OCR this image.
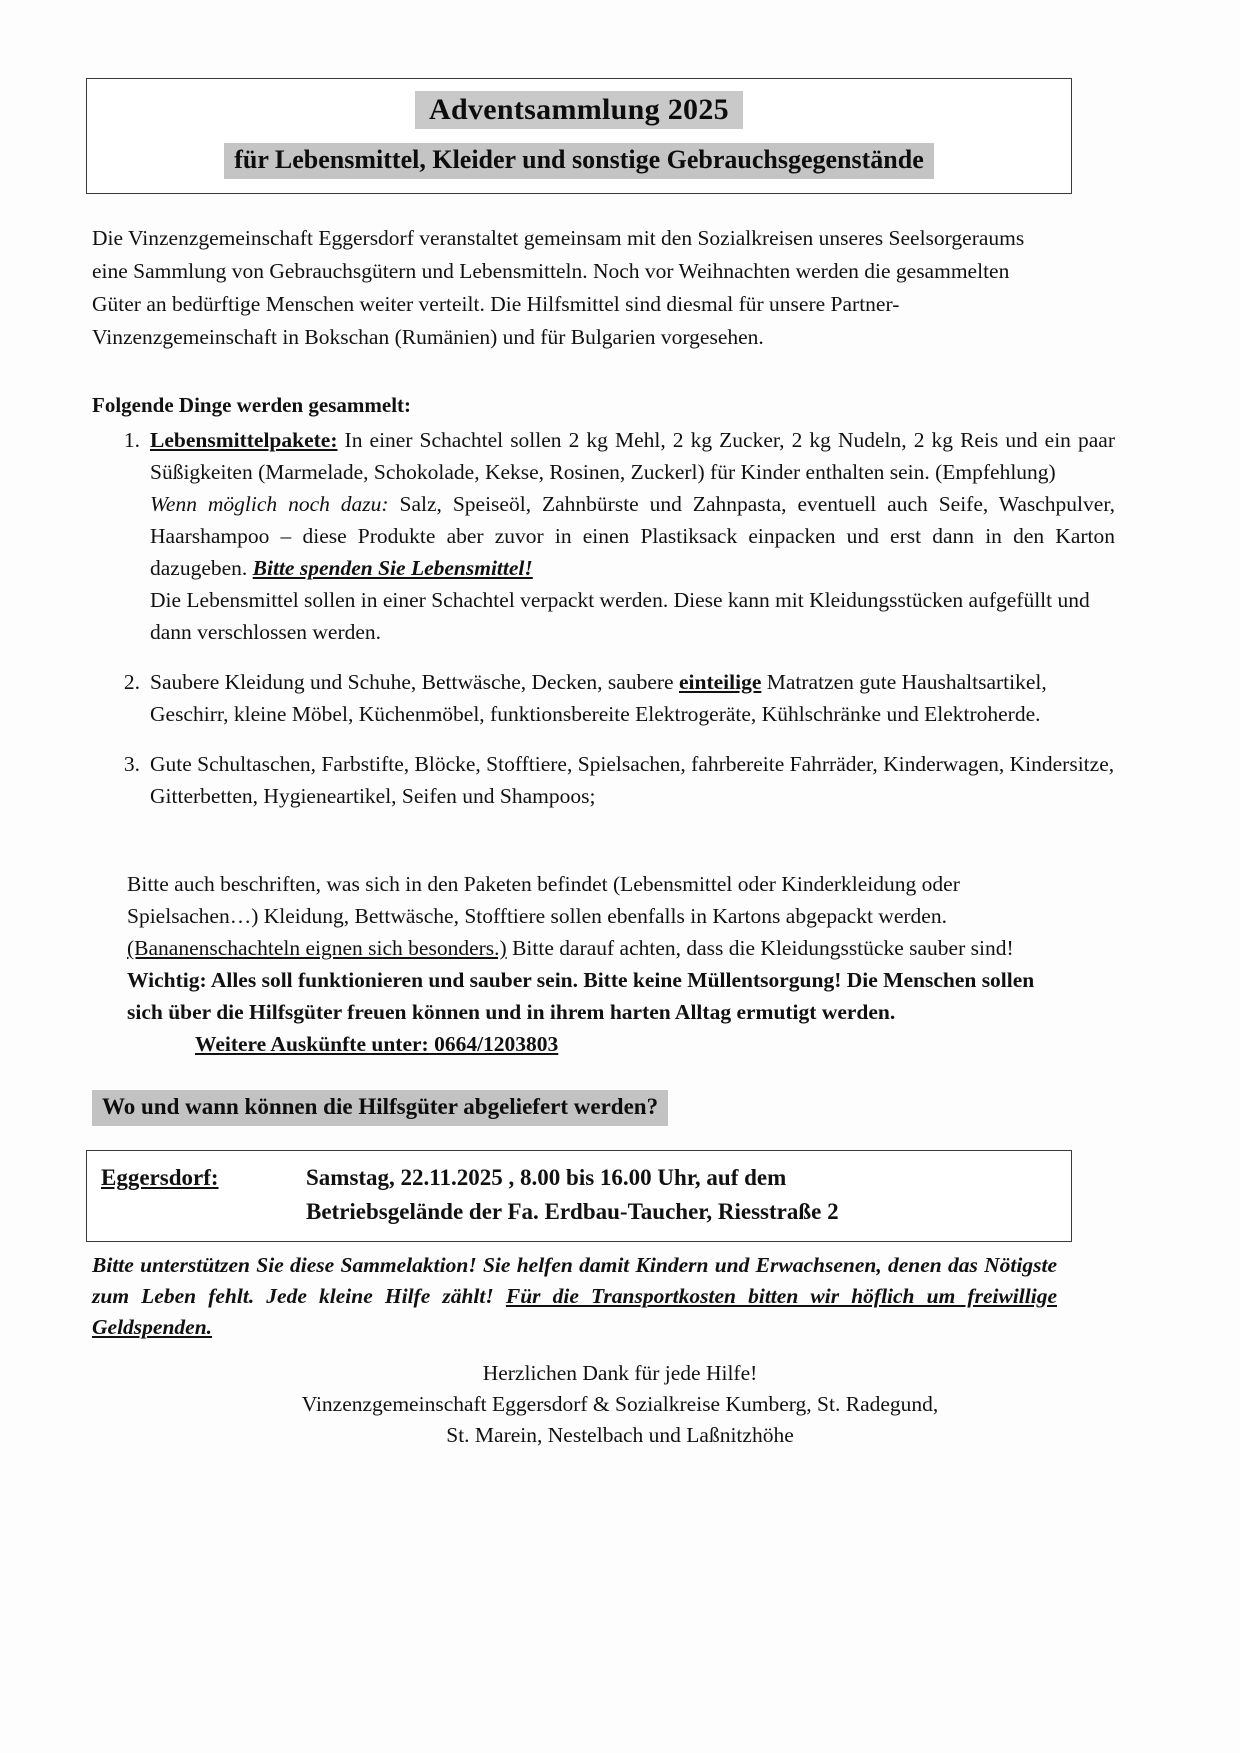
Adventsammlung 2025
für Lebensmittel, Kleider und sonstige Gebrauchsgegenstände
Die Vinzenzgemeinschaft Eggersdorf veranstaltet gemeinsam mit den Sozialkreisen unseres Seelsorgeraums eine Sammlung von Gebrauchsgütern und Lebensmitteln. Noch vor Weihnachten werden die gesammelten Güter an bedürftige Menschen weiter verteilt. Die Hilfsmittel sind diesmal für unsere Partner-Vinzenzgemeinschaft in Bokschan (Rumänien) und für Bulgarien vorgesehen.
Folgende Dinge werden gesammelt:
1. Lebensmittelpakete: In einer Schachtel sollen 2 kg Mehl, 2 kg Zucker, 2 kg Nudeln, 2 kg Reis und ein paar Süßigkeiten (Marmelade, Schokolade, Kekse, Rosinen, Zuckerl) für Kinder enthalten sein. (Empfehlung)
Wenn möglich noch dazu: Salz, Speiseöl, Zahnbürste und Zahnpasta, eventuell auch Seife, Waschpulver, Haarshampoo – diese Produkte aber zuvor in einen Plastiksack einpacken und erst dann in den Karton dazugeben. Bitte spenden Sie Lebensmittel!
Die Lebensmittel sollen in einer Schachtel verpackt werden. Diese kann mit Kleidungsstücken aufgefüllt und dann verschlossen werden.
2. Saubere Kleidung und Schuhe, Bettwäsche, Decken, saubere einteilige Matratzen gute Haushaltsartikel, Geschirr, kleine Möbel, Küchenmöbel, funktionsbereite Elektrogeräte, Kühlschränke und Elektroherde.
3. Gute Schultaschen, Farbstifte, Blöcke, Stofftiere, Spielsachen, fahrbereite Fahrräder, Kinderwagen, Kindersitze, Gitterbetten, Hygieneartikel, Seifen und Shampoos;
Bitte auch beschriften, was sich in den Paketen befindet (Lebensmittel oder Kinderkleidung oder Spielsachen…) Kleidung, Bettwäsche, Stofftiere sollen ebenfalls in Kartons abgepackt werden. (Bananenschachteln eignen sich besonders.) Bitte darauf achten, dass die Kleidungsstücke sauber sind!
Wichtig: Alles soll funktionieren und sauber sein. Bitte keine Müllentsorgung! Die Menschen sollen sich über die Hilfsgüter freuen können und in ihrem harten Alltag ermutigt werden.Weitere Auskünfte unter: 0664/1203803
Wo und wann können die Hilfsgüter abgeliefert werden?
Eggersdorf:	Samstag, 22.11.2025 , 8.00 bis 16.00 Uhr, auf dem
Betriebsgelände der Fa. Erdbau-Taucher, Riesstraße 2
Bitte unterstützen Sie diese Sammelaktion! Sie helfen damit Kindern und Erwachsenen, denen das Nötigste zum Leben fehlt. Jede kleine Hilfe zählt! Für die Transportkosten bitten wir höflich um freiwillige Geldspenden.
Herzlichen Dank für jede Hilfe!
Vinzenzgemeinschaft Eggersdorf & Sozialkreise Kumberg, St. Radegund,
St. Marein, Nestelbach und Laßnitzhöhe
